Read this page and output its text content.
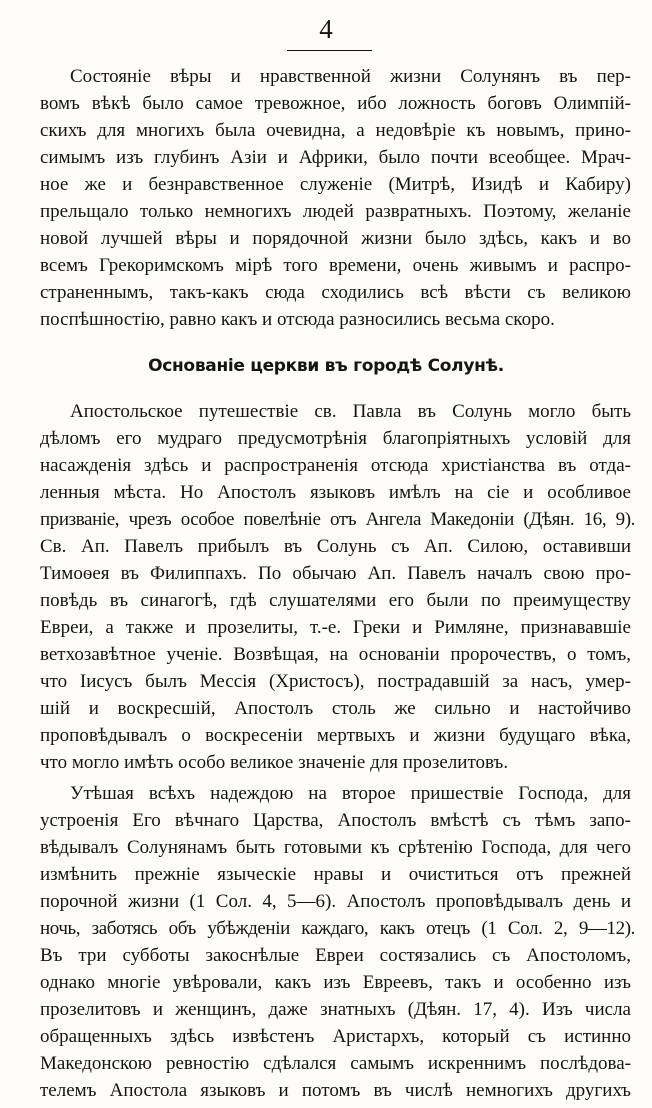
4
Состояніе вѣры и нравственной жизни Солунянъ въ пер-
вомъ вѣкѣ было самое тревожное, ибо ложность боговъ Олимпій-
скихъ для многихъ была очевидна, а недовѣріе къ новымъ, прино-
симымъ изъ глубинъ Азіи и Африки, было почти всеобщее. Мрач-
ное же и безнравственное служеніе (Митрѣ, Изидѣ и Кабиру)
прельщало только немногихъ людей развратныхъ. Поэтому, желаніе
новой лучшей вѣры и порядочной жизни было здѣсь, какъ и во
всемъ Грекоримскомъ мірѣ того времени, очень живымъ и распро-
страненнымъ, такъ-какъ сюда сходились всѣ вѣсти съ великою
поспѣшностію, равно какъ и отсюда разносились весьма скоро.
Основаніе церкви въ городѣ Солунѣ.
Апостольское путешествіе св. Павла въ Солунь могло быть
дѣломъ его мудраго предусмотрѣнія благопріятныхъ условій для
насажденія здѣсь и распространенія отсюда христіанства въ отда-
ленныя мѣста. Но Апостолъ языковъ имѣлъ на сіе и особливое
призваніе, чрезъ особое повелѣніе отъ Ангела Македоніи (Дѣян. 16, 9).
Св. Ап. Павелъ прибылъ въ Солунь съ Ап. Силою, оставивши
Тимоѳея въ Филиппахъ. По обычаю Ап. Павелъ началъ свою про-
повѣдь въ синагогѣ, гдѣ слушателями его были по преимуществу
Евреи, а также и прозелиты, т.-е. Греки и Римляне, признававшіе
ветхозавѣтное ученіе. Возвѣщая, на основаніи пророчествъ, о томъ,
что Іисусъ былъ Мессія (Христосъ), пострадавшій за насъ, умер-
шій и воскресшій, Апостолъ столь же сильно и настойчиво
проповѣдывалъ о воскресеніи мертвыхъ и жизни будущаго вѣка,
что могло имѣть особо великое значеніе для прозелитовъ.
Утѣшая всѣхъ надеждою на второе пришествіе Господа, для
устроенія Его вѣчнаго Царства, Апостолъ вмѣстѣ съ тѣмъ запо-
вѣдывалъ Солунянамъ быть готовыми къ срѣтенію Господа, для чего
измѣнить прежніе языческіе нравы и очиститься отъ прежней
порочной жизни (1 Сол. 4, 5—6). Апостолъ проповѣдывалъ день и
ночь, заботясь объ убѣжденіи каждаго, какъ отецъ (1 Сол. 2, 9—12).
Въ три субботы закоснѣлые Евреи состязались съ Апостоломъ,
однако многіе увѣровали, какъ изъ Евреевъ, такъ и особенно изъ
прозелитовъ и женщинъ, даже знатныхъ (Дѣян. 17, 4). Изъ числа
обращенныхъ здѣсь извѣстенъ Аристархъ, который съ истинно
Македонскою ревностію сдѣлался самымъ искреннимъ послѣдова-
телемъ Апостола языковъ и потомъ въ числѣ немногихъ другихъ
